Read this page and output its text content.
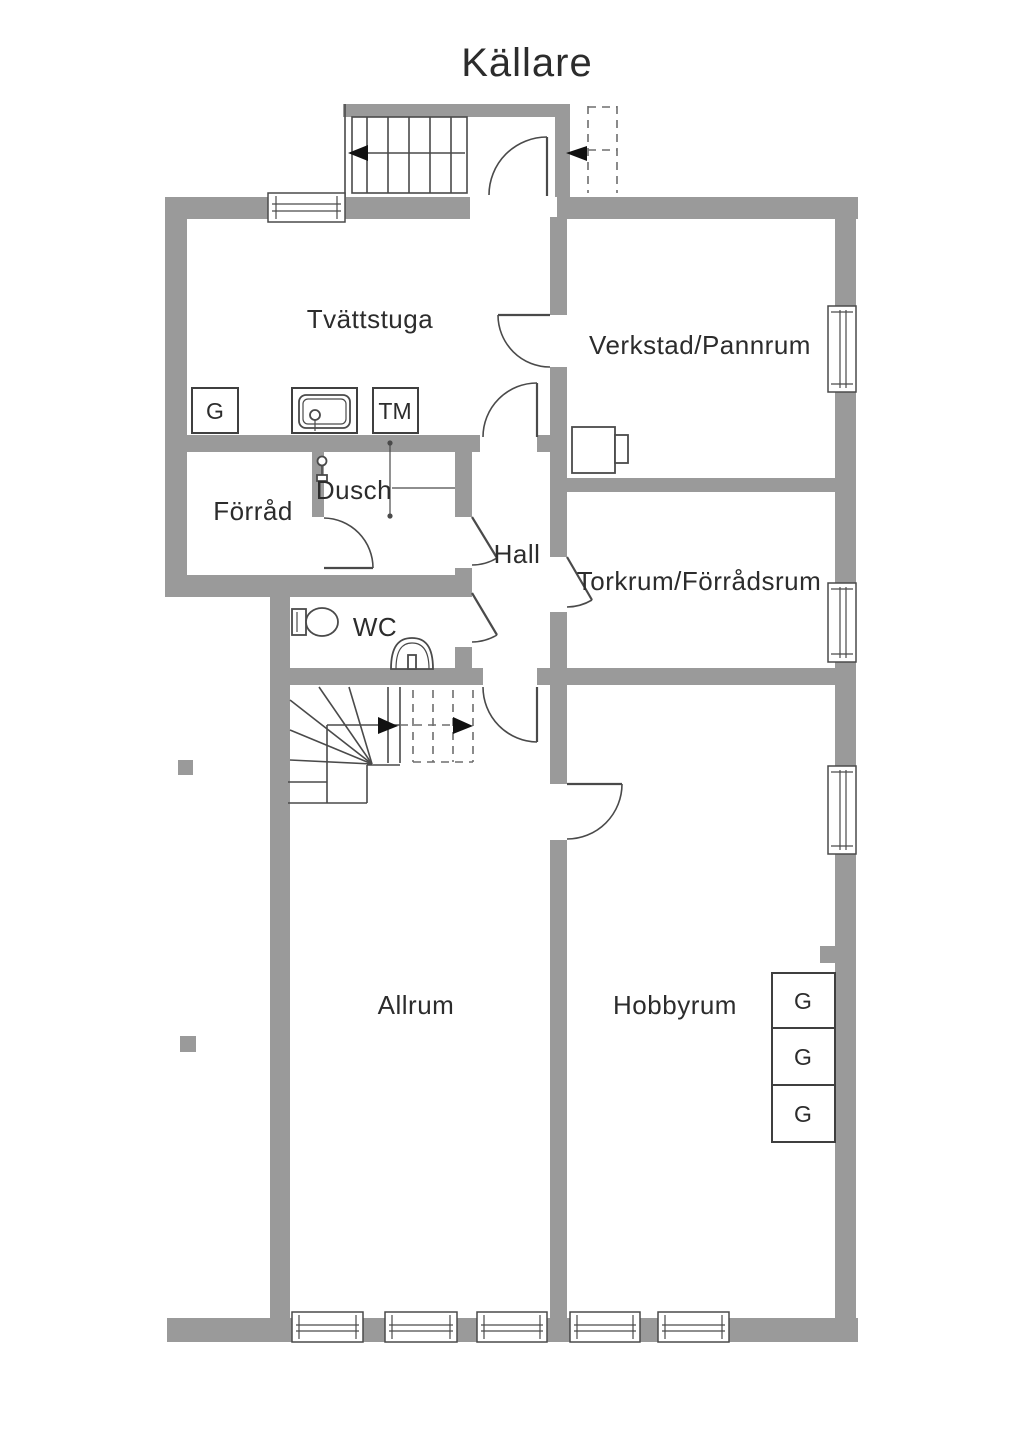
Källare
G	TM
G
G
G
Tvättstuga
Verkstad/Pannrum
Förråd
Dusch
Hall
Torkrum/Förrådsrum
WC
Allrum	Hobbyrum
